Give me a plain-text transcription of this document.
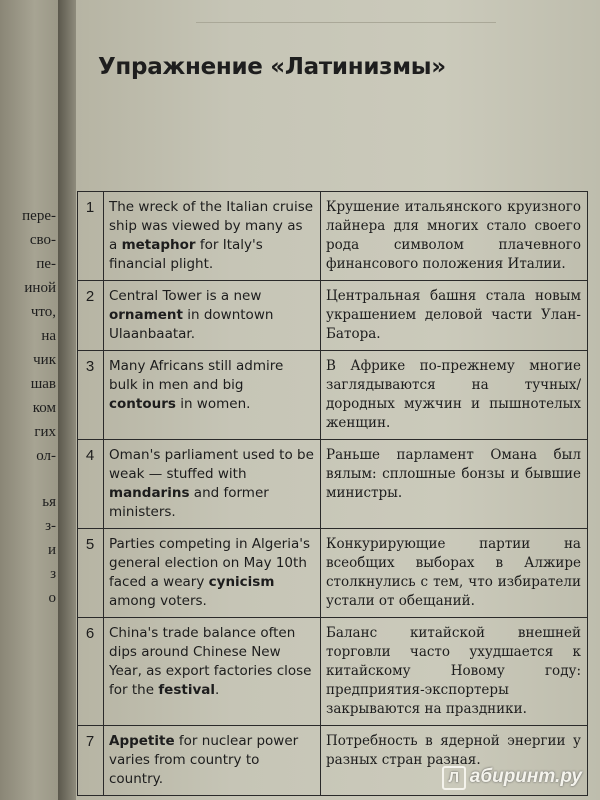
пере-
сво-
пе-
иной
что,
на
чик
шав
ком
гих
ол-
ья
з-
и
з
о
Упражнение «Латинизмы»
1	The wreck of the Italian cruise ship was viewed by many as a metaphor for Italy's financial plight.	Крушение итальянского круизного лайнера для многих стало своего рода символом плачевного финансового положения Италии.
2	Central Tower is a new ornament in downtown Ulaanbaatar.	Центральная башня стала новым украшением деловой части Улан-Батора.
3	Many Africans still admire bulk in men and big contours in women.	В Африке по-прежнему многие заглядываются на тучных/дородных мужчин и пышнотелых женщин.
4	Oman's parliament used to be weak — stuffed with mandarins and former ministers.	Раньше парламент Омана был вялым: сплошные бонзы и бывшие министры.
5	Parties competing in Algeria's general election on May 10th faced a weary cynicism among voters.	Конкурирующие партии на всеобщих выборах в Алжире столкнулись с тем, что избиратели устали от обещаний.
6	China's trade balance often dips around Chinese New Year, as export factories close for the festival.	Баланс китайской внешней торговли часто ухудшается к китайскому Новому году: предприятия-экспортеры закрываются на праздники.
7	Appetite for nuclear power varies from country to country.	Потребность в ядерной энергии у разных стран разная.
Л абиринт.ру
